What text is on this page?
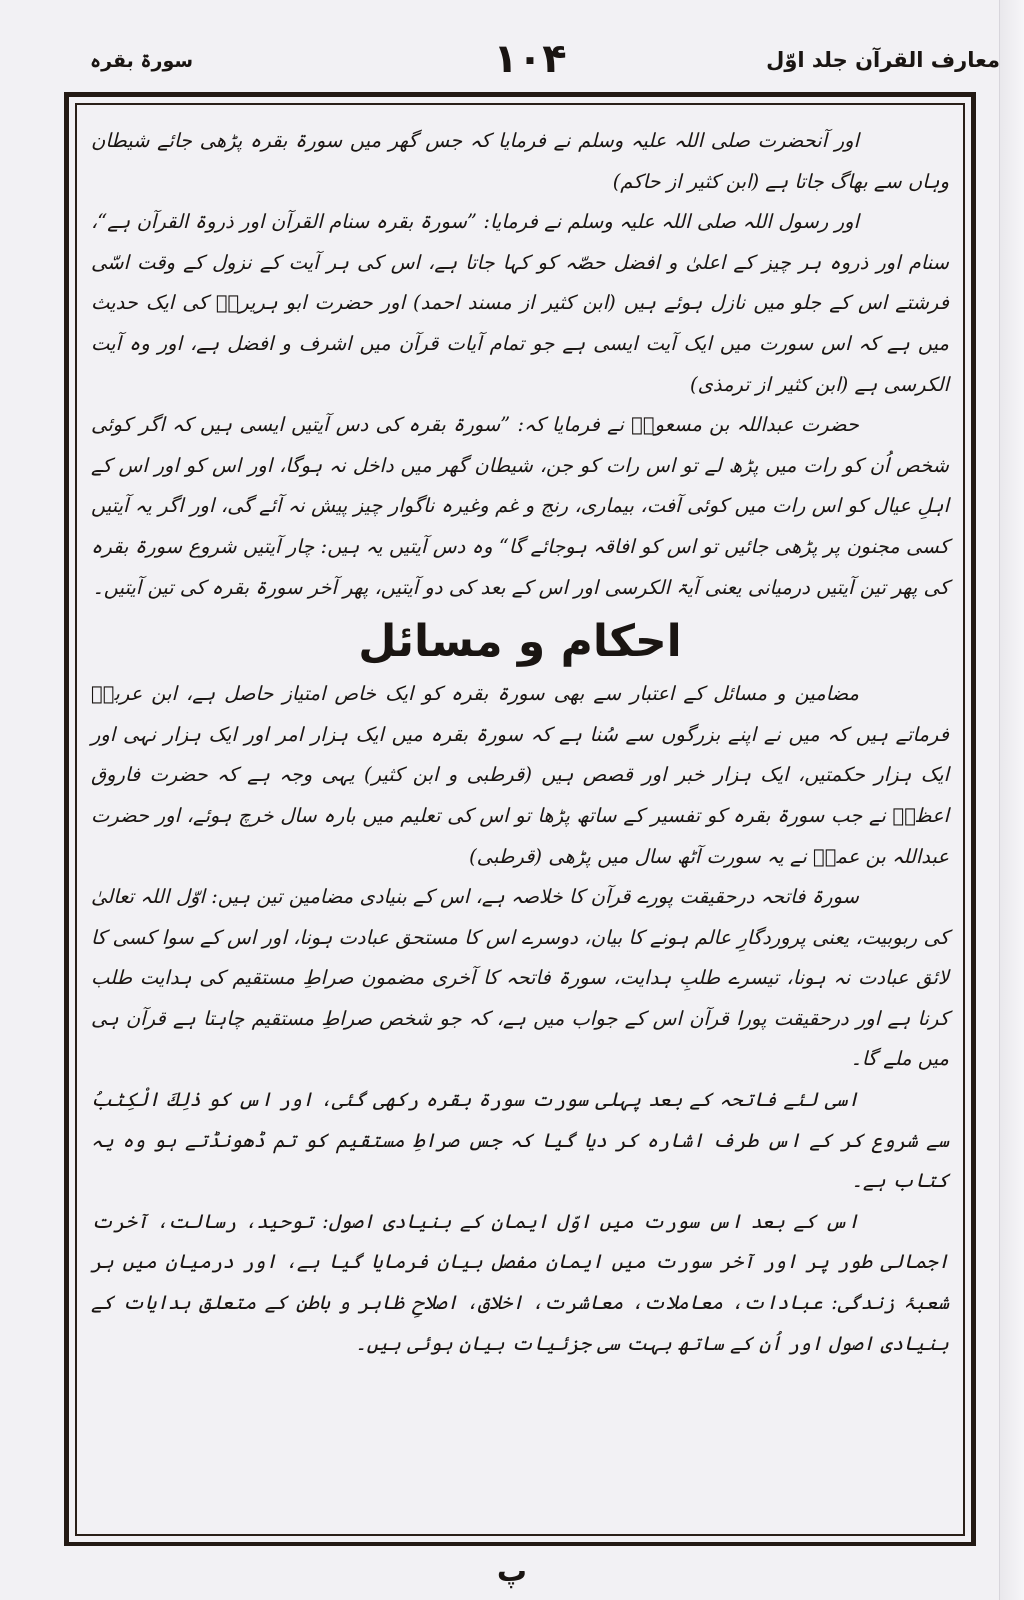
معارف القرآن جلد اوّل
۱۰۴
سورۃ بقرہ

اور آنحضرت صلی اللہ علیہ وسلم نے فرمایا کہ جس گھر میں سورۃ بقرہ پڑھی جائے شیطان وہاں سے بھاگ جاتا ہے (ابن کثیر از حاکم)

اور رسول اللہ صلی اللہ علیہ وسلم نے فرمایا: ”سورۃ بقرہ سنام القرآن اور ذروۃ القرآن ہے“، سنام اور ذروہ ہر چیز کے اعلیٰ و افضل حصّہ کو کہا جاتا ہے، اس کی ہر آیت کے نزول کے وقت اسّی فرشتے اس کے جلو میں نازل ہوئے ہیں (ابن کثیر از مسند احمد) اور حضرت ابو ہریرہؓ کی ایک حدیث میں ہے کہ اس سورت میں ایک آیت ایسی ہے جو تمام آیات قرآن میں اشرف و افضل ہے، اور وہ آیت الکرسی ہے (ابن کثیر از ترمذی)

حضرت عبداللہ بن مسعودؓ نے فرمایا کہ: ”سورۃ بقرہ کی دس آیتیں ایسی ہیں کہ اگر کوئی شخص اُن کو رات میں پڑھ لے تو اس رات کو جن، شیطان گھر میں داخل نہ ہوگا، اور اس کو اور اس کے اہلِ عیال کو اس رات میں کوئی آفت، بیماری، رنج و غم وغیرہ ناگوار چیز پیش نہ آئے گی، اور اگر یہ آیتیں کسی مجنون پر پڑھی جائیں تو اس کو افاقہ ہوجائے گا“ وہ دس آیتیں یہ ہیں: چار آیتیں شروع سورۃ بقرہ کی پھر تین آیتیں درمیانی یعنی آیۃ الکرسی اور اس کے بعد کی دو آیتیں، پھر آخر سورۃ بقرہ کی تین آیتیں۔

احکام و مسائل

مضامین و مسائل کے اعتبار سے بھی سورۃ بقرہ کو ایک خاص امتیاز حاصل ہے، ابن عربیؒ فرماتے ہیں کہ میں نے اپنے بزرگوں سے سُنا ہے کہ سورۃ بقرہ میں ایک ہزار امر اور ایک ہزار نہی اور ایک ہزار حکمتیں، ایک ہزار خبر اور قصص ہیں (قرطبی و ابن کثیر) یہی وجہ ہے کہ حضرت فاروق اعظمؓ نے جب سورۃ بقرہ کو تفسیر کے ساتھ پڑھا تو اس کی تعلیم میں بارہ سال خرچ ہوئے، اور حضرت عبداللہ بن عمرؓ نے یہ سورت آٹھ سال میں پڑھی (قرطبی)

سورۃ فاتحہ درحقیقت پورے قرآن کا خلاصہ ہے، اس کے بنیادی مضامین تین ہیں: اوّل اللہ تعالیٰ کی ربوبیت، یعنی پروردگارِ عالم ہونے کا بیان، دوسرے اس کا مستحق عبادت ہونا، اور اس کے سوا کسی کا لائق عبادت نہ ہونا، تیسرے طلبِ ہدایت، سورۃ فاتحہ کا آخری مضمون صراطِ مستقیم کی ہدایت طلب کرنا ہے اور درحقیقت پورا قرآن اس کے جواب میں ہے، کہ جو شخص صراطِ مستقیم چاہتا ہے قرآن ہی میں ملے گا۔

اسی لئے فاتحہ کے بعد پہلی سورت سورۃ بقرہ رکھی گئی، اور اس کو ذٰلِكَ الْكِتٰبُ سے شروع کر کے اس طرف اشارہ کر دیا گیا کہ جس صراطِ مستقیم کو تم ڈھونڈتے ہو وہ یہ کتاب ہے۔

اس کے بعد اس سورت میں اوّل ایمان کے بنیادی اصول: توحید، رسالت، آخرت اجمالی طور پر اور آخر سورت میں ایمان مفصل بیان فرمایا گیا ہے، اور درمیان میں ہر شعبۂ زندگی: عبادات، معاملات، معاشرت، اخلاق، اصلاحِ ظاہر و باطن کے متعلق ہدایات کے بنیادی اصول اور اُن کے ساتھ بہت سی جزئیات بیان ہوئی ہیں۔

پ
